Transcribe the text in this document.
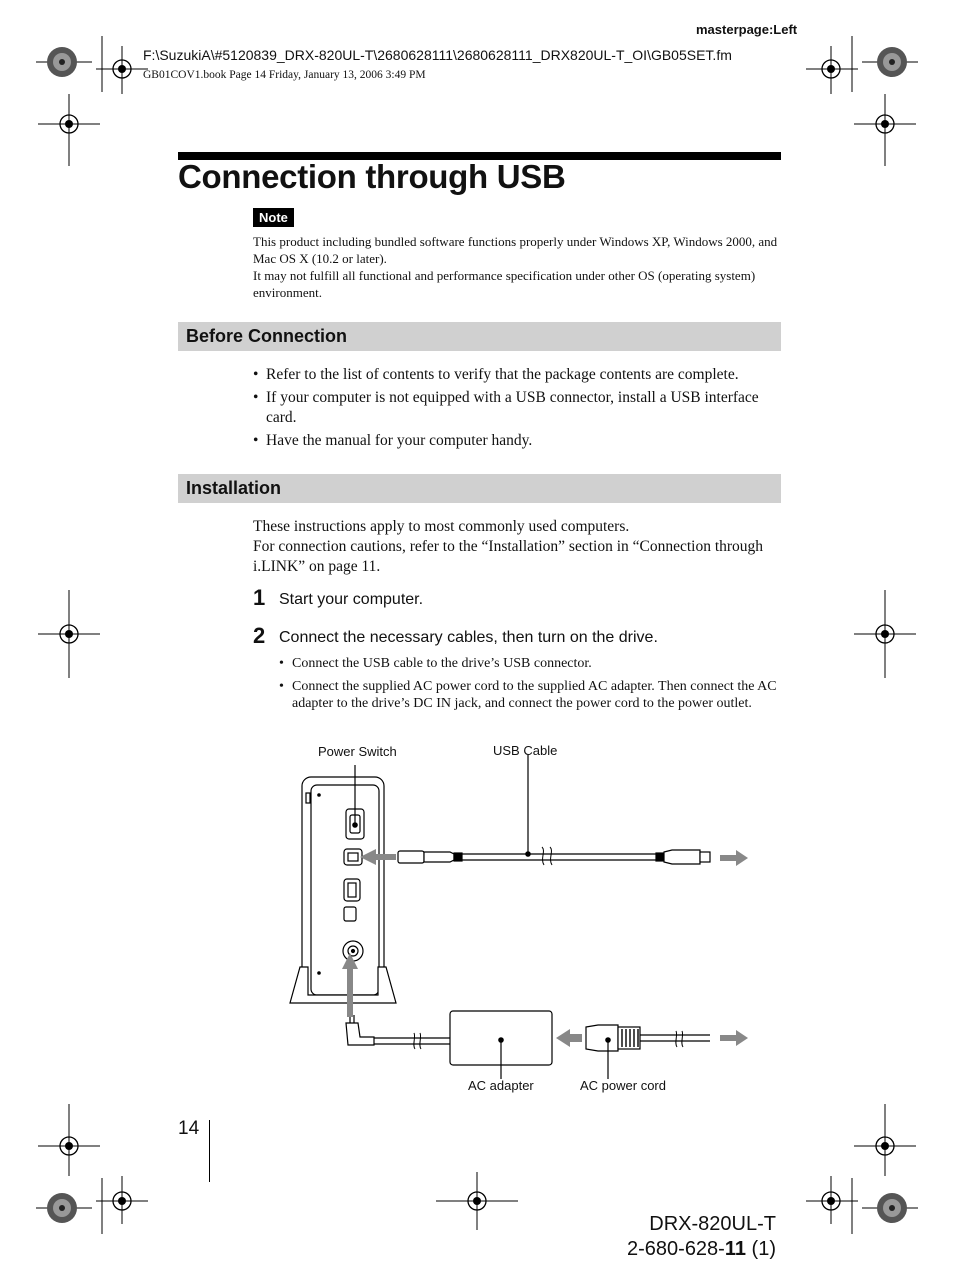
masterpage:Left
F:\SuzukiA\#5120839_DRX-820UL-T\2680628111\2680628111_DRX820UL-T_OI\GB05SET.fm
GB01COV1.book Page 14 Friday, January 13, 2006 3:49 PM
Connection through USB
Note

This product including bundled software functions properly under Windows XP, Windows 2000, and Mac OS X (10.2 or later).

It may not fulfill all functional and performance specification under other OS (operating system) environment.

Before Connection
• Refer to the list of contents to verify that the package contents are complete.
• If your computer is not equipped with a USB connector, install a USB interface card.
• Have the manual for your computer handy.
Installation

These instructions apply to most commonly used computers.

For connection cautions, refer to the “Installation” section in “Connection through i.LINK” on page 11.

1 Start your computer.
2 Connect the necessary cables, then turn on the drive.
• Connect the USB cable to the drive’s USB connector.
• Connect the supplied AC power cord to the supplied AC adapter. Then connect the AC adapter to the drive’s DC IN jack, and connect the power cord to the power outlet.
Power Switch	USB Cable
AC adapter	AC power cord
14
DRX-820UL-T
2-680-628-11 (1)
